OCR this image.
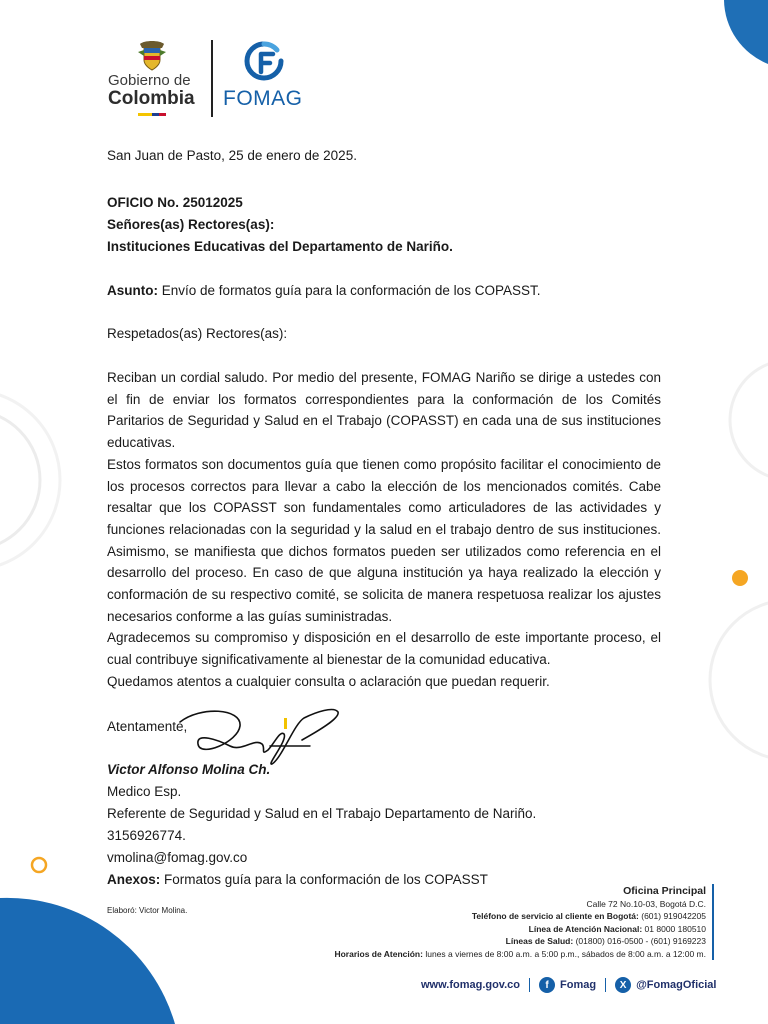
Gobierno de
Colombia	FOMAG
San Juan de Pasto, 25 de enero de 2025.
OFICIO No. 25012025
Señores(as) Rectores(as):
Instituciones Educativas del Departamento de Nariño.
Asunto: Envío de formatos guía para la conformación de los COPASST.
Respetados(as) Rectores(as):

Reciban un cordial saludo. Por medio del presente, FOMAG Nariño se dirige a ustedes con el fin de enviar los formatos correspondientes para la conformación de los Comités Paritarios de Seguridad y Salud en el Trabajo (COPASST) en cada una de sus instituciones educativas.

Estos formatos son documentos guía que tienen como propósito facilitar el conocimiento de los procesos correctos para llevar a cabo la elección de los mencionados comités. Cabe resaltar que los COPASST son fundamentales como articuladores de las actividades y funciones relacionadas con la seguridad y la salud en el trabajo dentro de sus instituciones. Asimismo, se manifiesta que dichos formatos pueden ser utilizados como referencia en el desarrollo del proceso. En caso de que alguna institución ya haya realizado la elección y conformación de su respectivo comité, se solicita de manera respetuosa realizar los ajustes necesarios conforme a las guías suministradas.

Agradecemos su compromiso y disposición en el desarrollo de este importante proceso, el cual contribuye significativamente al bienestar de la comunidad educativa.

Quedamos atentos a cualquier consulta o aclaración que puedan requerir.

Atentamente,
Victor Alfonso Molina Ch.
Medico Esp.
Referente de Seguridad y Salud en el Trabajo Departamento de Nariño.
3156926774.
vmolina@fomag.gov.co
Anexos: Formatos guía para la conformación de los COPASST
Elaboró: Victor Molina.
Oficina Principal
Calle 72 No.10-03, Bogotá D.C.
Teléfono de servicio al cliente en Bogotá: (601) 919042205
Línea de Atención Nacional: 01 8000 180510
Líneas de Salud: (01800) 016-0500 - (601) 9169223
Horarios de Atención: lunes a viernes de 8:00 a.m. a 5:00 p.m., sábados de 8:00 a.m. a 12:00 m.
www.fomag.gov.co	f	Fomag	X @FomagOficial
